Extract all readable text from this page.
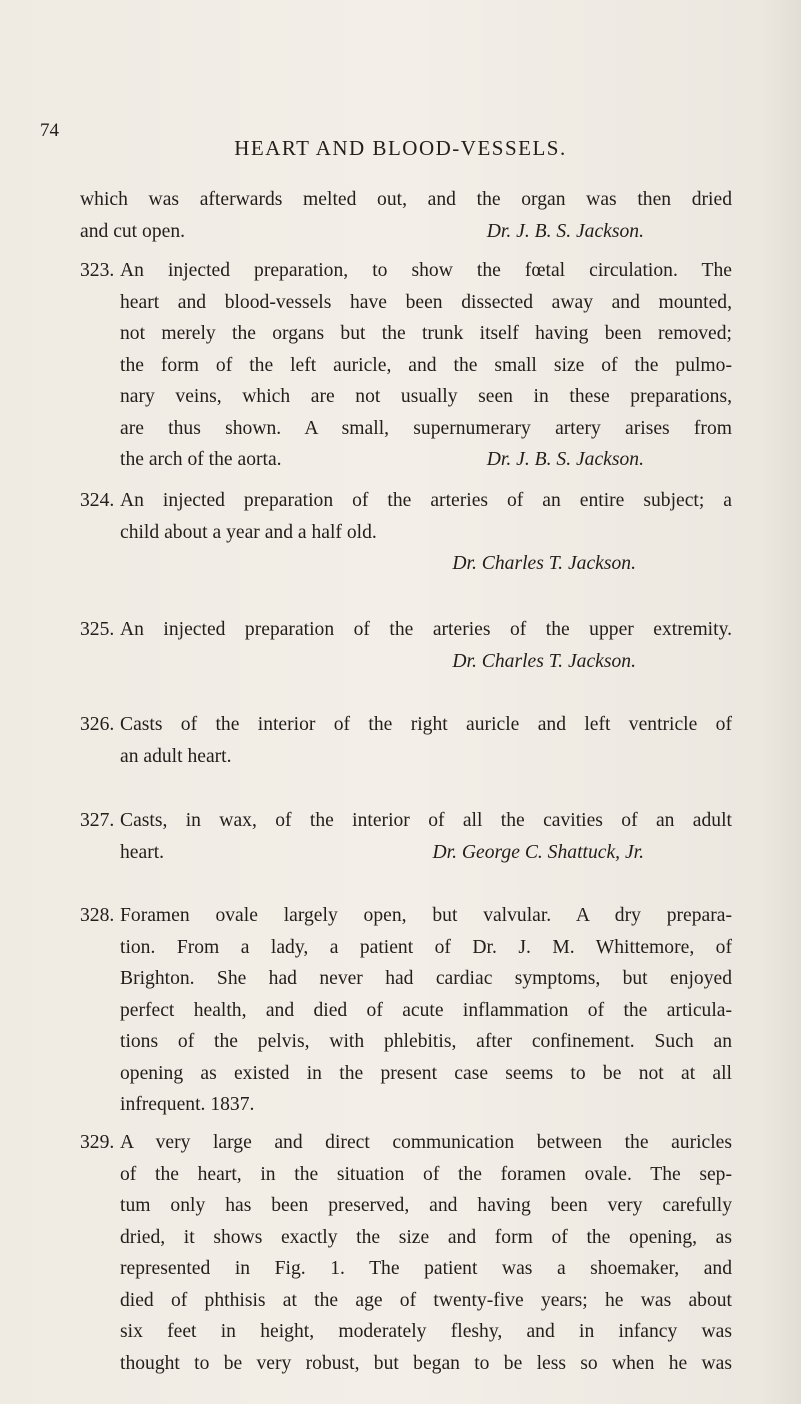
74
HEART AND BLOOD-VESSELS.
which was afterwards melted out, and the organ was then dried
and cut open.	Dr. J. B. S. Jackson.
323. An injected preparation, to show the fœtal circulation. The
heart and blood-vessels have been dissected away and mounted,
not merely the organs but the trunk itself having been removed;
the form of the left auricle, and the small size of the pulmo-
nary veins, which are not usually seen in these preparations,
are thus shown. A small, supernumerary artery arises from
the arch of the aorta.	Dr. J. B. S. Jackson.
324. An injected preparation of the arteries of an entire subject; a
child about a year and a half old.
Dr. Charles T. Jackson.
325. An injected preparation of the arteries of the upper extremity.
Dr. Charles T. Jackson.
326. Casts of the interior of the right auricle and left ventricle of
an adult heart.
327. Casts, in wax, of the interior of all the cavities of an adult
heart.	Dr. George C. Shattuck, Jr.
328. Foramen ovale largely open, but valvular. A dry prepara-
tion. From a lady, a patient of Dr. J. M. Whittemore, of
Brighton. She had never had cardiac symptoms, but enjoyed
perfect health, and died of acute inflammation of the articula-
tions of the pelvis, with phlebitis, after confinement. Such an
opening as existed in the present case seems to be not at all
infrequent. 1837.
329. A very large and direct communication between the auricles
of the heart, in the situation of the foramen ovale. The sep-
tum only has been preserved, and having been very carefully
dried, it shows exactly the size and form of the opening, as
represented in Fig. 1. The patient was a shoemaker, and
died of phthisis at the age of twenty-five years; he was about
six feet in height, moderately fleshy, and in infancy was
thought to be very robust, but began to be less so when he was
